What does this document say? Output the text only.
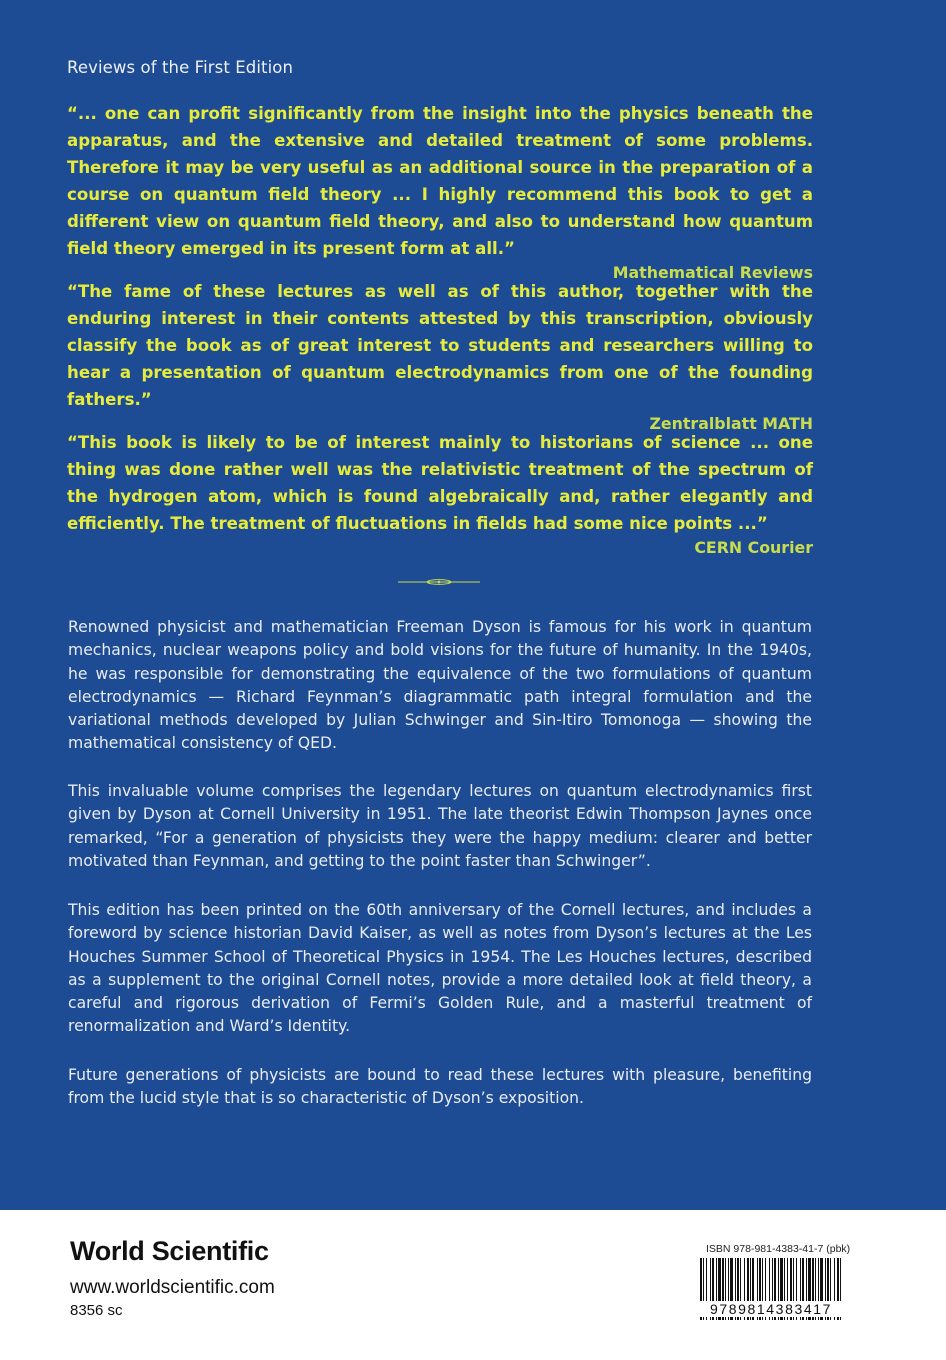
Reviews of the First Edition

“... one can profit significantly from the insight into the physics beneath the apparatus, and the extensive and detailed treatment of some problems. Therefore it may be very useful as an additional source in the preparation of a course on quantum field theory ... I highly recommend this book to get a different view on quantum field theory, and also to understand how quantum field theory emerged in its present form at all.”

Mathematical Reviews

“The fame of these lectures as well as of this author, together with the enduring interest in their contents attested by this transcription, obviously classify the book as of great interest to students and researchers willing to hear a presentation of quantum electrodynamics from one of the founding fathers.”

Zentralblatt MATH

“This book is likely to be of interest mainly to historians of science ... one thing was done rather well was the relativistic treatment of the spectrum of the hydrogen atom, which is found algebraically and, rather elegantly and efficiently. The treatment of fluctuations in fields had some nice points ...”

CERN Courier

Renowned physicist and mathematician Freeman Dyson is famous for his work in quantum mechanics, nuclear weapons policy and bold visions for the future of humanity. In the 1940s, he was responsible for demonstrating the equivalence of the two formulations of quantum electrodynamics — Richard Feynman’s diagrammatic path integral formulation and the variational methods developed by Julian Schwinger and Sin-Itiro Tomonoga — showing the mathematical consistency of QED.

This invaluable volume comprises the legendary lectures on quantum electrodynamics first given by Dyson at Cornell University in 1951. The late theorist Edwin Thompson Jaynes once remarked, “For a generation of physicists they were the happy medium: clearer and better motivated than Feynman, and getting to the point faster than Schwinger”.

This edition has been printed on the 60th anniversary of the Cornell lectures, and includes a foreword by science historian David Kaiser, as well as notes from Dyson’s lectures at the Les Houches Summer School of Theoretical Physics in 1954. The Les Houches lectures, described as a supplement to the original Cornell notes, provide a more detailed look at field theory, a careful and rigorous derivation of Fermi’s Golden Rule, and a masterful treatment of renormalization and Ward’s Identity.

Future generations of physicists are bound to read these lectures with pleasure, benefiting from the lucid style that is so characteristic of Dyson’s exposition.

World Scientific
www.worldscientific.com
8356 sc
ISBN 978-981-4383-41-7 (pbk)
9789814383417
